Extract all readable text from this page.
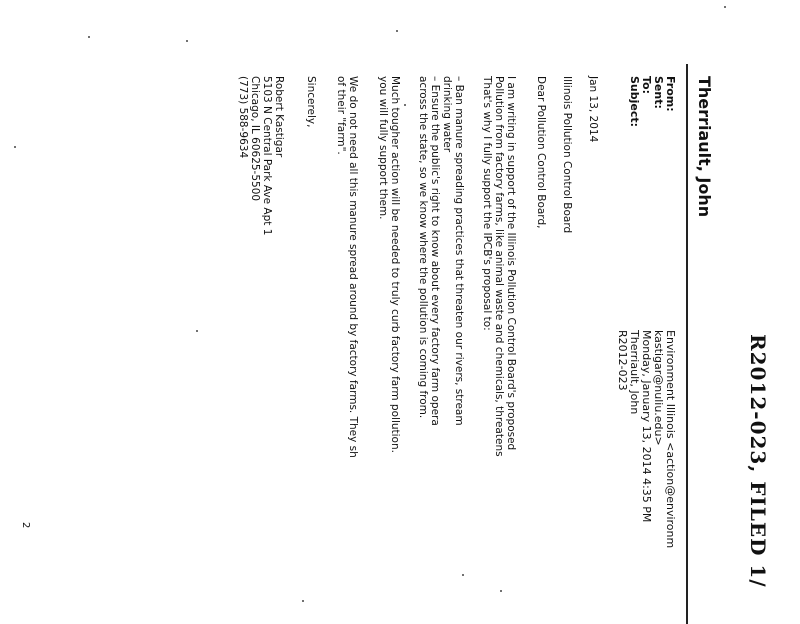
R2012-023, FILED 1/
Therriault, John
From:
Sent:
To:
Subject:
Environment Illinois <action@environm
kastigar@nuliu.edu>
Monday, January 13, 2014 4:35 PM
Therriault, John
R2012-023
Jan 13, 2014
Illinois Pollution Control Board
Dear Pollution Control Board,
I am writing in support of the Illinois Pollution Control Board's proposed
Pollution from factory farms, like animal waste and chemicals, threatens
That's why I fully support the IPCB's proposal to:
– Ban manure spreading practices that threaten our rivers, stream
drinking water
– Ensure the public's right to know about every factory farm opera
across the state, so we know where the pollution is coming from.
Much tougher action will be needed to truly curb factory farm pollution.
you will fully support them.
We do not need all this manure spread around by factory farms. They sh
of their "farm".
Sincerely,
Robert Kastigar
5103 N Central Park Ave Apt 1
Chicago, IL 60625-5500
(773) 588-9634
2
